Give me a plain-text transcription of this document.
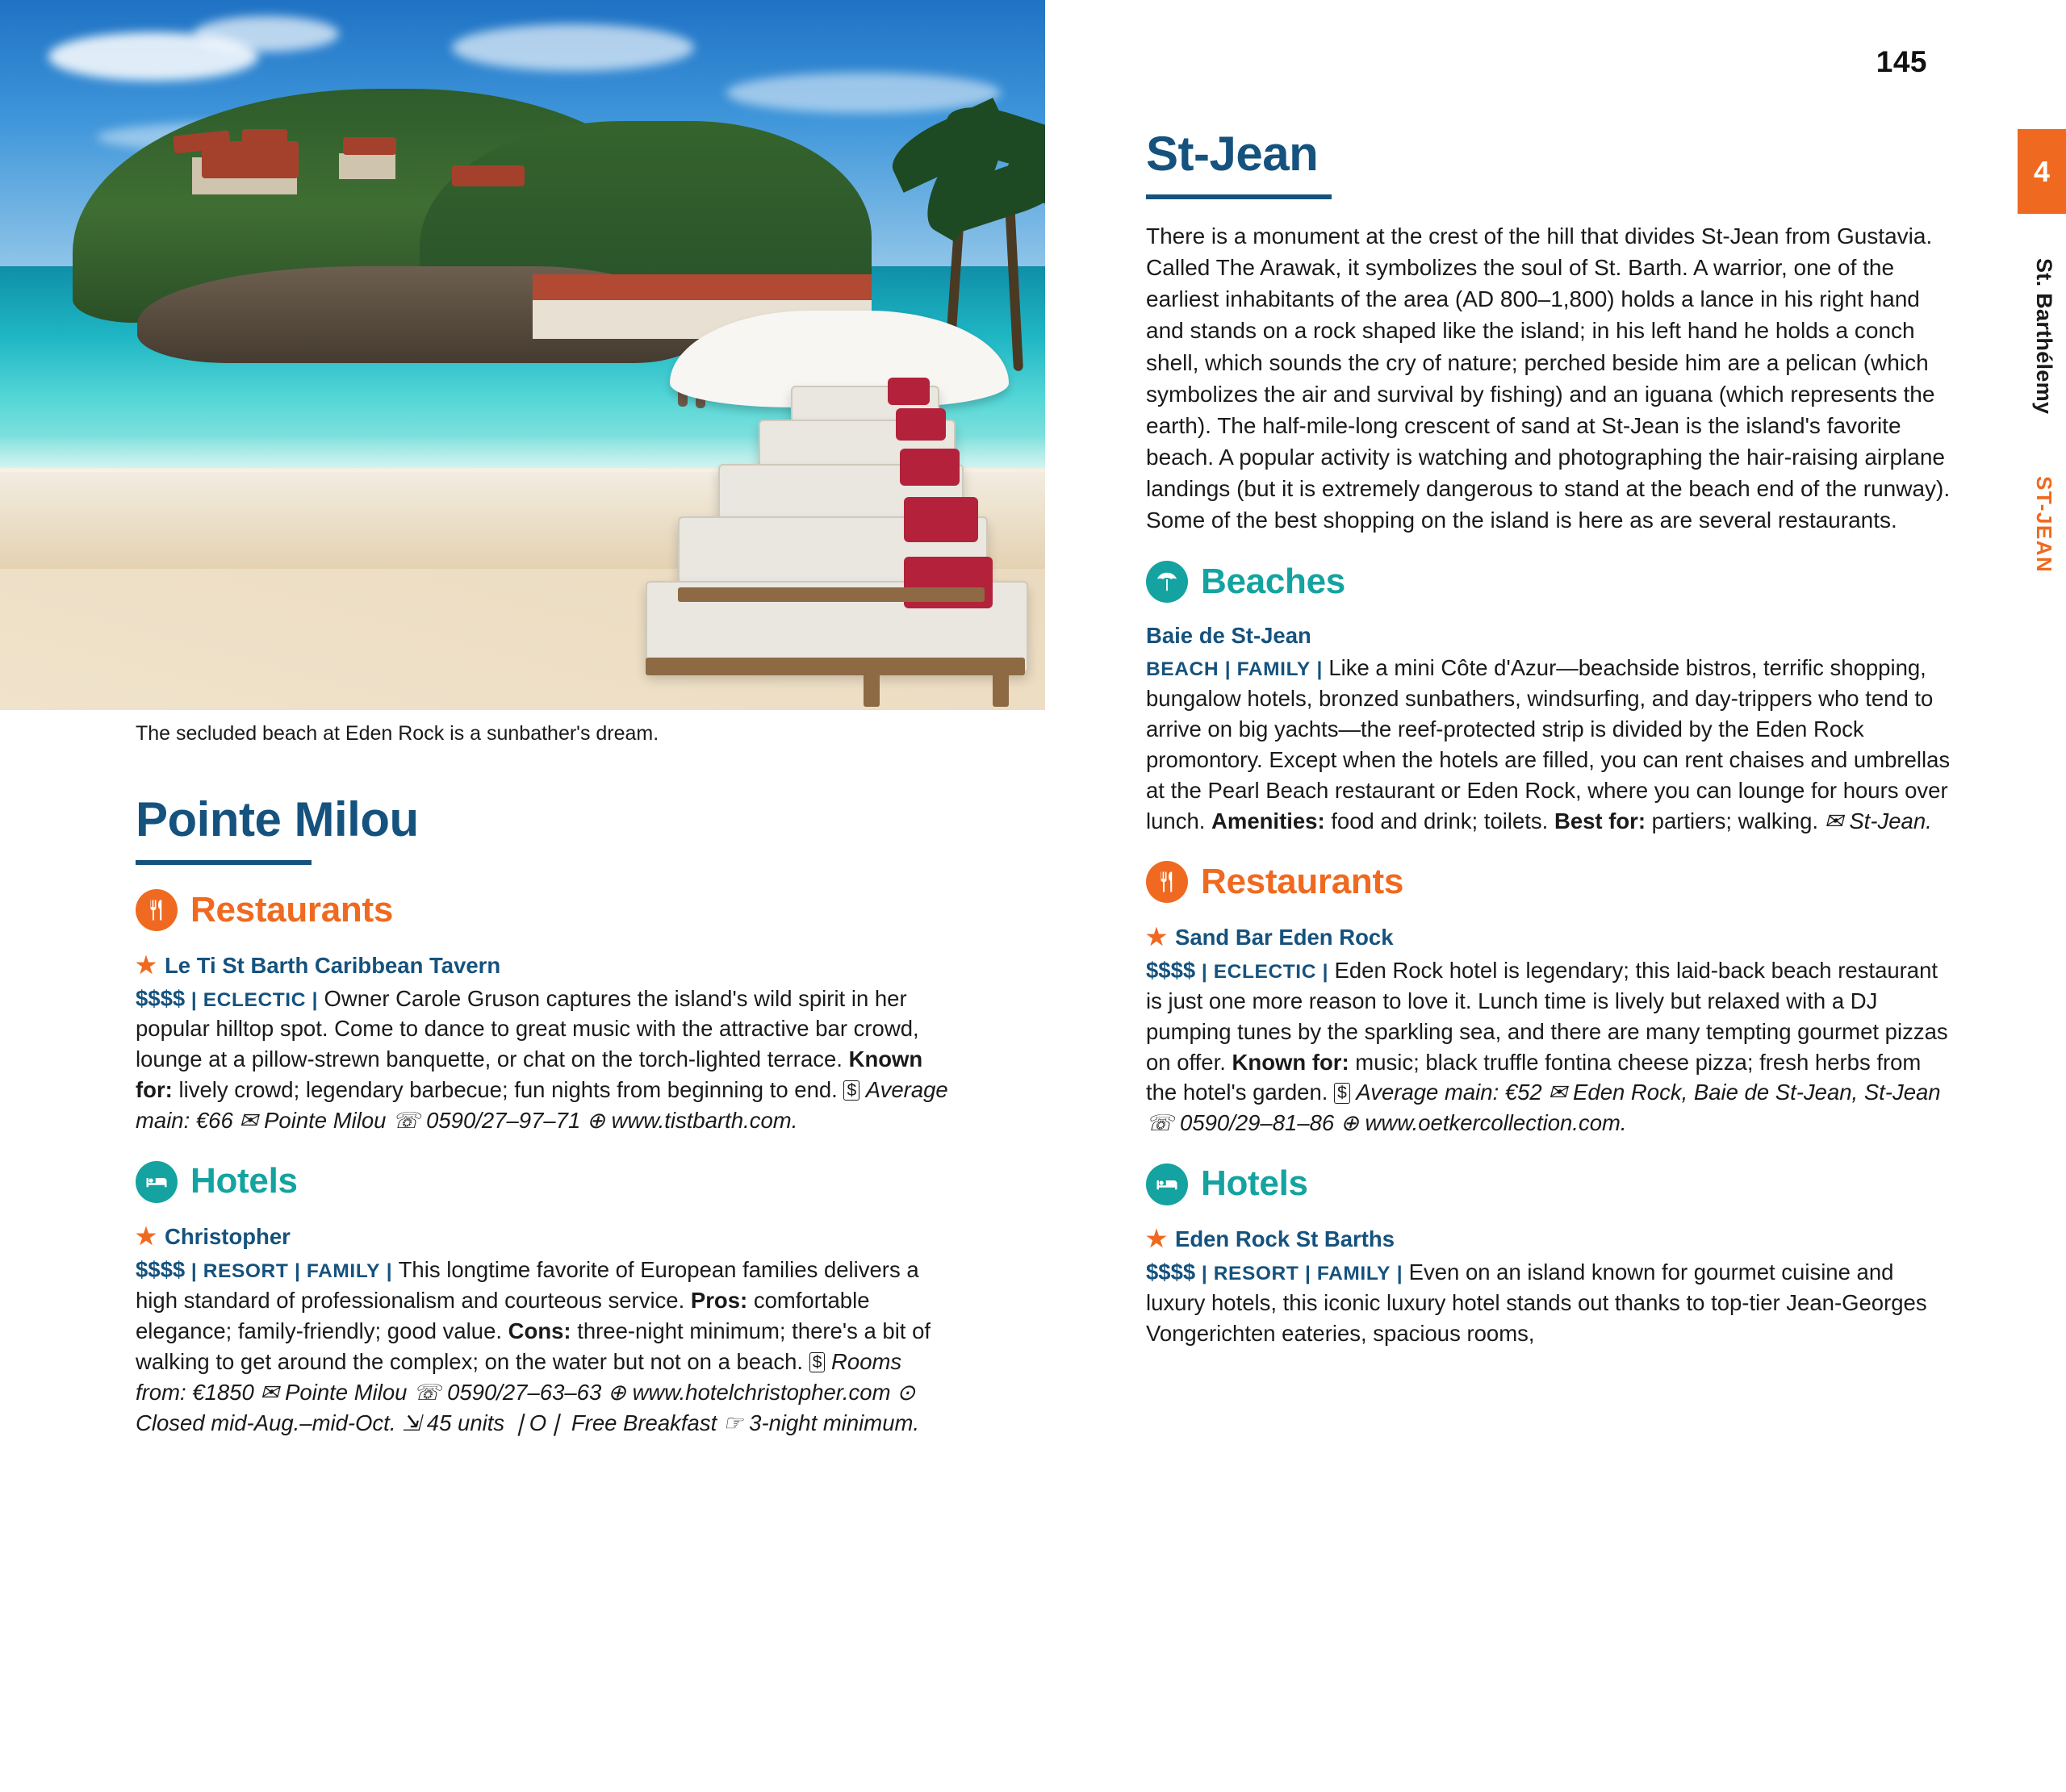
145
4
St. Barthélemy
ST-JEAN
The secluded beach at Eden Rock is a sunbather's dream.
Pointe Milou
Restaurants
★ Le Ti St Barth Caribbean Tavern

$$$$ | ECLECTIC | Owner Carole Gruson captures the island's wild spirit in her popular hilltop spot. Come to dance to great music with the attractive bar crowd, lounge at a pillow-strewn banquette, or chat on the torch-lighted terrace. Known for: lively crowd; legendary barbecue; fun nights from beginning to end. $ Average main: €66 ✉ Pointe Milou ☏ 0590/27–97–71 ⊕ www.tistbarth.com.

Hotels
★ Christopher

$$$$ | RESORT | FAMILY | This longtime favorite of European families delivers a high standard of professionalism and courteous service. Pros: comfortable elegance; family-friendly; good value. Cons: three-night minimum; there's a bit of walking to get around the complex; on the water but not on a beach. $ Rooms from: €1850 ✉ Pointe Milou ☏ 0590/27–63–63 ⊕ www.hotelchristopher.com ⊙ Closed mid-Aug.–mid-Oct. ⇲ 45 units ❘O❘ Free Breakfast ☞ 3-night minimum.

St-Jean

There is a monument at the crest of the hill that divides St-Jean from Gustavia. Called The Arawak, it symbolizes the soul of St. Barth. A warrior, one of the earliest inhabitants of the area (AD 800–1,800) holds a lance in his right hand and stands on a rock shaped like the island; in his left hand he holds a conch shell, which sounds the cry of nature; perched beside him are a pelican (which symbolizes the air and survival by fishing) and an iguana (which represents the earth). The half-mile-long crescent of sand at St-Jean is the island's favorite beach. A popular activity is watching and photographing the hair-raising airplane landings (but it is extremely dangerous to stand at the beach end of the runway). Some of the best shopping on the island is here as are several restaurants.

Beaches
Baie de St-Jean

BEACH | FAMILY | Like a mini Côte d'Azur—beachside bistros, terrific shopping, bungalow hotels, bronzed sunbathers, windsurfing, and day-trippers who tend to arrive on big yachts—the reef-protected strip is divided by the Eden Rock promontory. Except when the hotels are filled, you can rent chaises and umbrellas at the Pearl Beach restaurant or Eden Rock, where you can lounge for hours over lunch. Amenities: food and drink; toilets. Best for: partiers; walking. ✉ St-Jean.

Restaurants
★ Sand Bar Eden Rock

$$$$ | ECLECTIC | Eden Rock hotel is legendary; this laid-back beach restaurant is just one more reason to love it. Lunch time is lively but relaxed with a DJ pumping tunes by the sparkling sea, and there are many tempting gourmet pizzas on offer. Known for: music; black truffle fontina cheese pizza; fresh herbs from the hotel's garden. $ Average main: €52 ✉ Eden Rock, Baie de St-Jean, St-Jean ☏ 0590/29–81–86 ⊕ www.oetkercollection.com.

Hotels
★ Eden Rock St Barths

$$$$ | RESORT | FAMILY | Even on an island known for gourmet cuisine and luxury hotels, this iconic luxury hotel stands out thanks to top-tier Jean-Georges Vongerichten eateries, spacious rooms,
